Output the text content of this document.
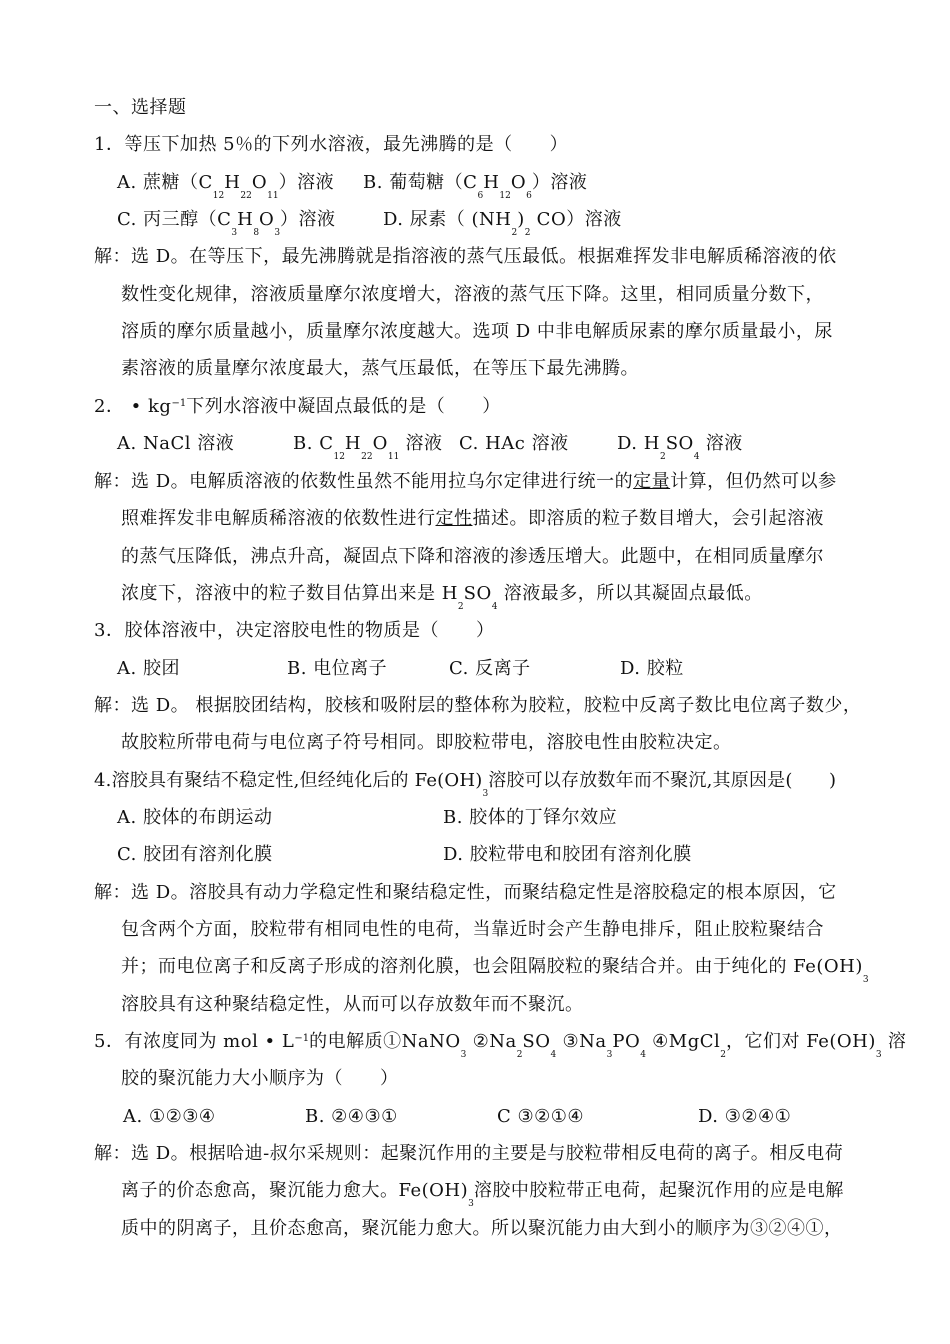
一、选择题
1．等压下加热 5％的下列水溶液，最先沸腾的是（　　）
A. 蔗糖$(C_{12}H_{22}O_{11})$溶液 B. 葡萄糖$(C_6H_{12}O_6)$溶液
C. 丙三醇$(C_3H_8O_3)$溶液	D. 尿素（ $(NH_2)_2$ CO）溶液
解：选 D。在等压下，最先沸腾就是指溶液的蒸气压最低。根据难挥发非电解质稀溶液的依
数性变化规律，溶液质量摩尔浓度增大，溶液的蒸气压下降。这里，相同质量分数下，
溶质的摩尔质量越小，质量摩尔浓度越大。选项 D 中非电解质尿素的摩尔质量最小，尿
素溶液的质量摩尔浓度最大，蒸气压最低，在等压下最先沸腾。
2． • $kg^{-1}$下列水溶液中凝固点最低的是（　　）
A. NaCl 溶液	B. $C_{12}H_{22}O_{11}$ 溶液 C. HAc 溶液	D. $H_2SO_4$ 溶液
解：选 D。电解质溶液的依数性虽然不能用拉乌尔定律进行统一的定量计算，但仍然可以参
照难挥发非电解质稀溶液的依数性进行定性描述。即溶质的粒子数目增大，会引起溶液
的蒸气压降低，沸点升高，凝固点下降和溶液的渗透压增大。此题中，在相同质量摩尔
浓度下，溶液中的粒子数目估算出来是 $H_2SO_4$ 溶液最多，所以其凝固点最低。
3．胶体溶液中，决定溶胶电性的物质是（　　）
A. 胶团	B. 电位离子	C. 反离子	D. 胶粒
解：选 D。 根据胶团结构，胶核和吸附层的整体称为胶粒，胶粒中反离子数比电位离子数少，
故胶粒所带电荷与电位离子符号相同。即胶粒带电，溶胶电性由胶粒决定。
4.溶胶具有聚结不稳定性,但经纯化后的 $Fe(OH)_3$溶胶可以存放数年而不聚沉,其原因是(　　)
A. 胶体的布朗运动	B. 胶体的丁铎尔效应
C. 胶团有溶剂化膜	D. 胶粒带电和胶团有溶剂化膜
解：选 D。溶胶具有动力学稳定性和聚结稳定性，而聚结稳定性是溶胶稳定的根本原因，它
包含两个方面，胶粒带有相同电性的电荷，当靠近时会产生静电排斥，阻止胶粒聚结合
并；而电位离子和反离子形成的溶剂化膜，也会阻隔胶粒的聚结合并。由于纯化的 $Fe(OH)_3$
溶胶具有这种聚结稳定性，从而可以存放数年而不聚沉。
5．有浓度同为 mol • $L^{-1}$的电解质①NaNO$_3$ $②Na_2SO_4$ $③Na_3PO_4$ ④MgCl$_2$，它们对 $Fe(OH)_3$ 溶
胶的聚沉能力大小顺序为（　　）
A. ①②③④	B. ②④③①	C ③②①④	D. ③②④①
解：选 D。根据哈迪-叔尔采规则：起聚沉作用的主要是与胶粒带相反电荷的离子。相反电荷
离子的价态愈高，聚沉能力愈大。$Fe(OH)_3$溶胶中胶粒带正电荷，起聚沉作用的应是电解
质中的阴离子，且价态愈高，聚沉能力愈大。所以聚沉能力由大到小的顺序为③②④①，
